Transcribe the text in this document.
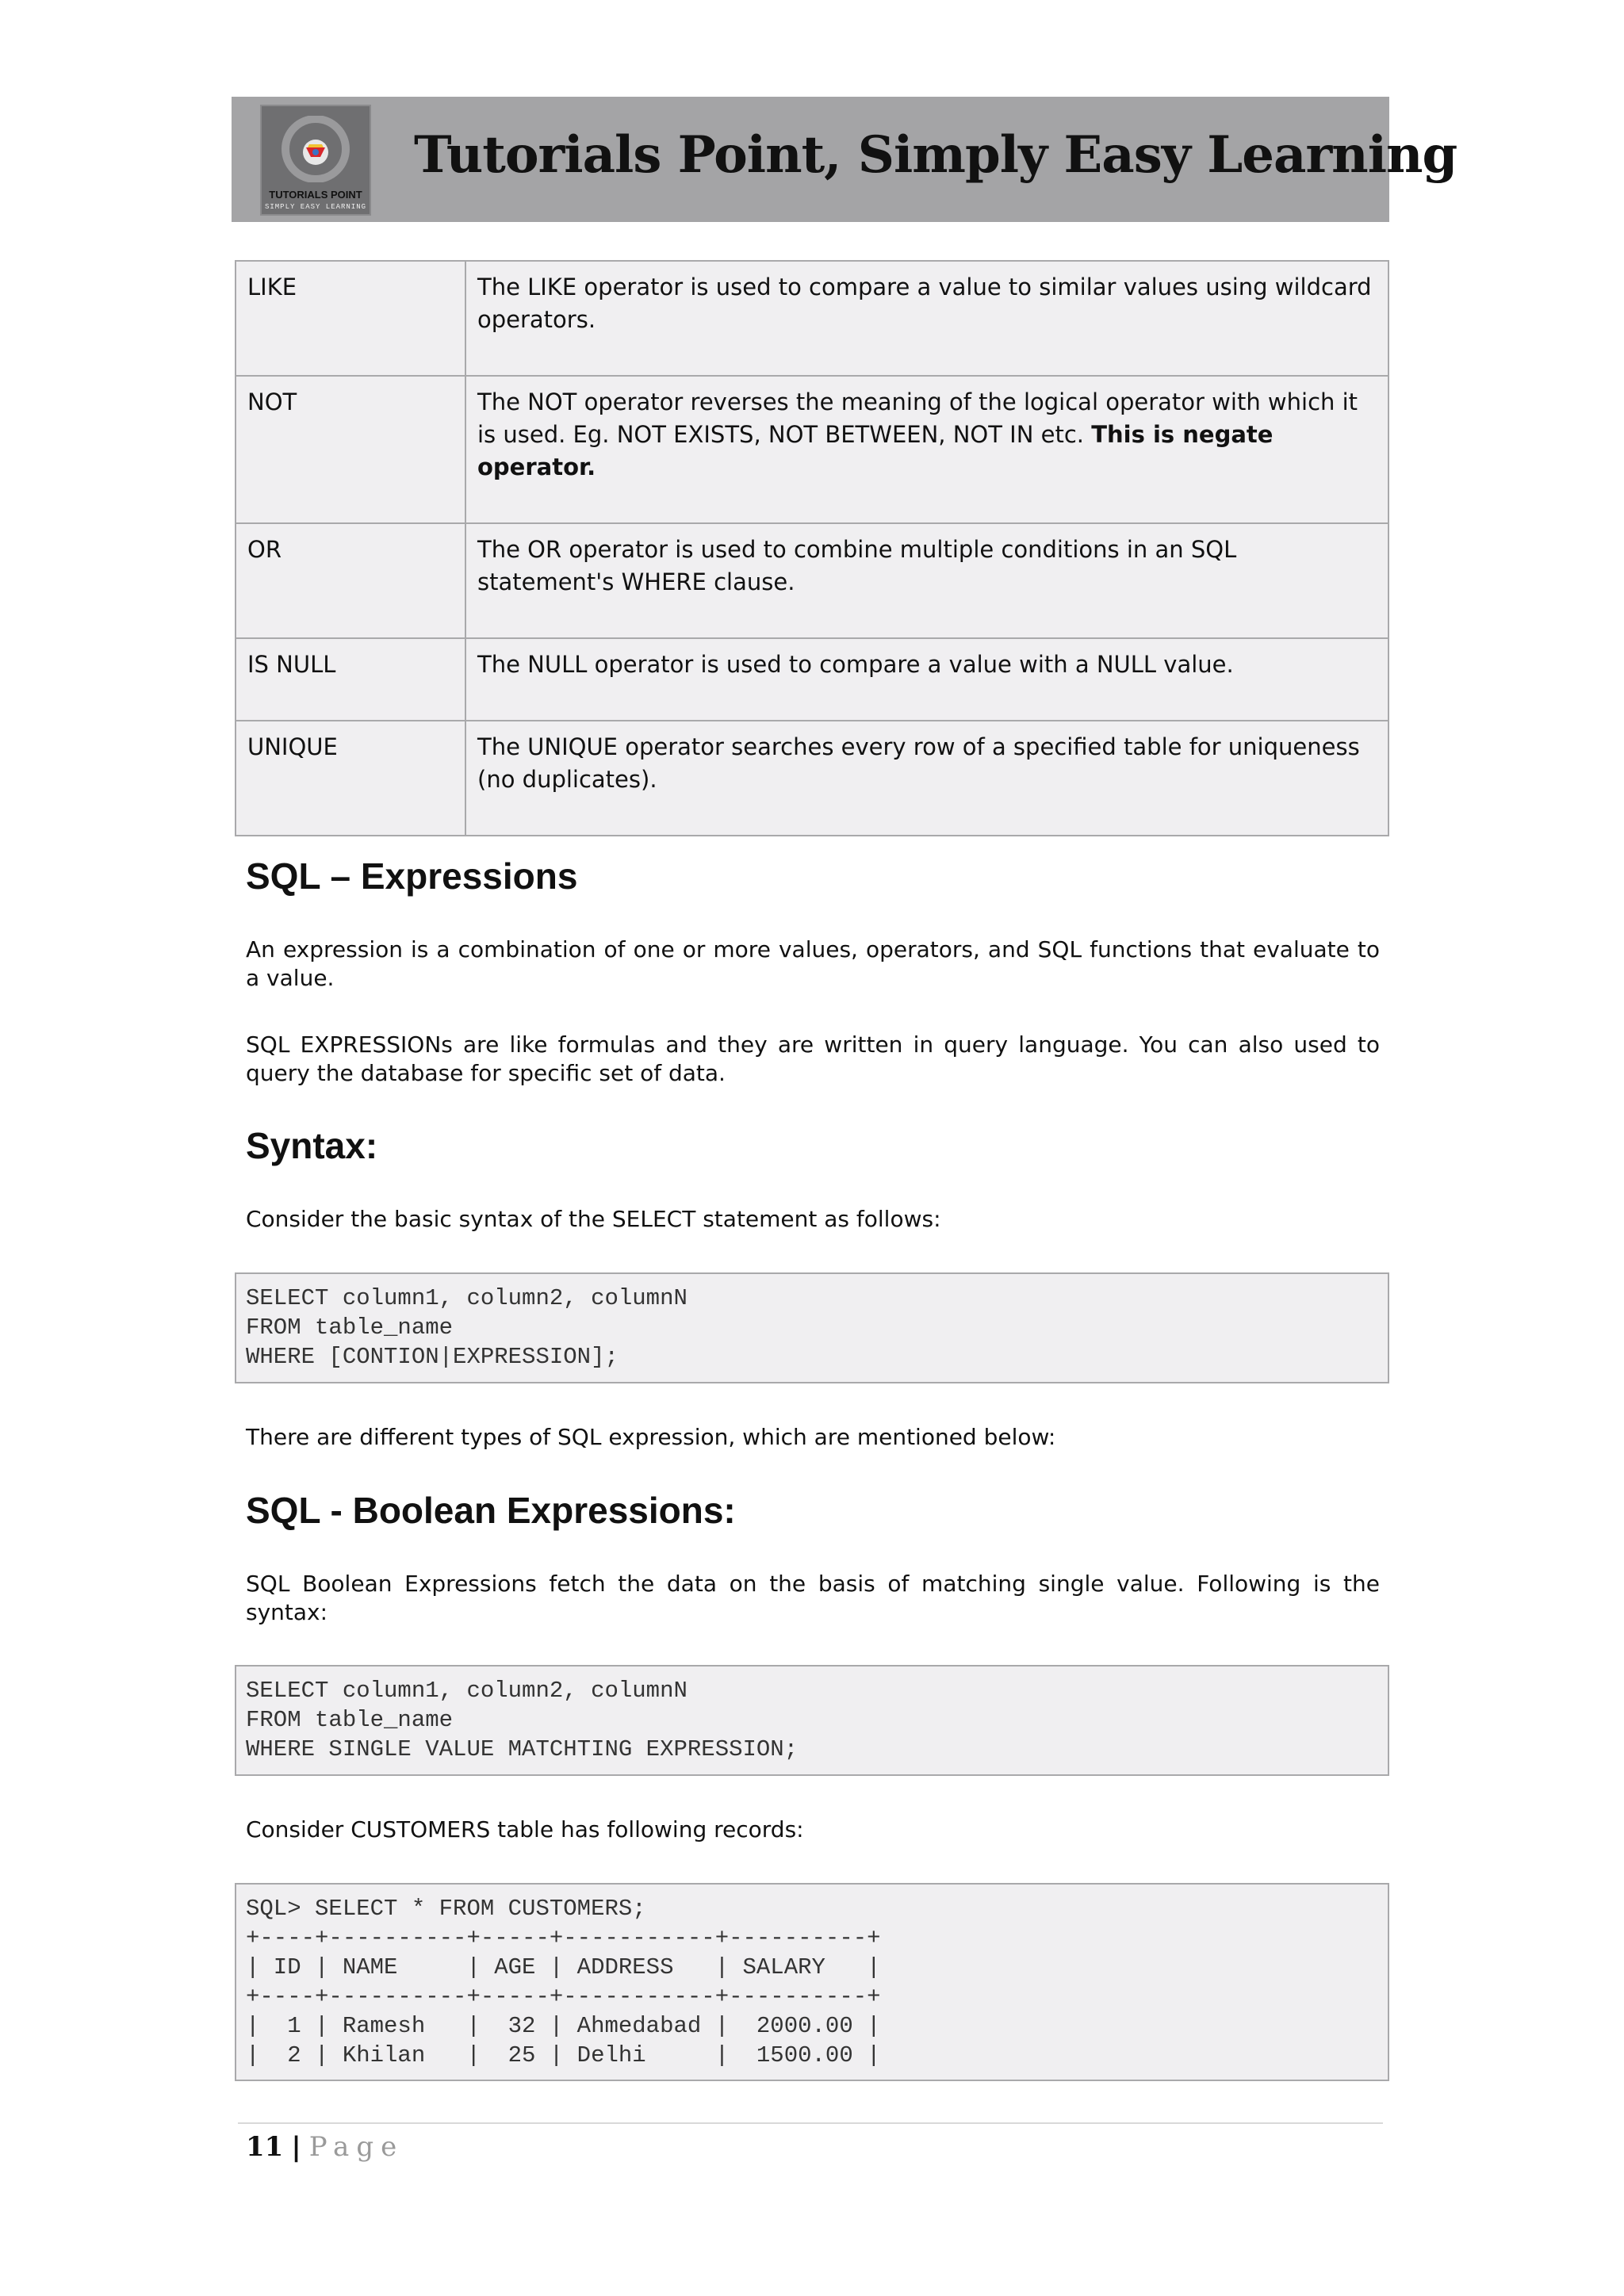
TUTORIALS POINT
SIMPLY EASY LEARNING
Tutorials Point, Simply Easy Learning
LIKE	The LIKE operator is used to compare a value to similar values using wildcard operators.
NOT	The NOT operator reverses the meaning of the logical operator with which it is used. Eg. NOT EXISTS, NOT BETWEEN, NOT IN etc. This is negate operator.
OR	The OR operator is used to combine multiple conditions in an SQL statement's WHERE clause.
IS NULL	The NULL operator is used to compare a value with a NULL value.
UNIQUE	The UNIQUE operator searches every row of a specified table for uniqueness (no duplicates).
SQL – Expressions

An expression is a combination of one or more values, operators, and SQL functions that evaluate to a value.

SQL EXPRESSIONs are like formulas and they are written in query language. You can also used to query the database for specific set of data.

Syntax:

Consider the basic syntax of the SELECT statement as follows:

SELECT column1, column2, columnN
FROM table_name
WHERE [CONTION|EXPRESSION];

There are different types of SQL expression, which are mentioned below:

SQL - Boolean Expressions:

SQL Boolean Expressions fetch the data on the basis of matching single value. Following is the syntax:

SELECT column1, column2, columnN
FROM table_name
WHERE SINGLE VALUE MATCHTING EXPRESSION;

Consider CUSTOMERS table has following records:

SQL> SELECT * FROM CUSTOMERS;
+----+----------+-----+-----------+----------+
| ID | NAME     | AGE | ADDRESS   | SALARY   |
+----+----------+-----+-----------+----------+
|  1 | Ramesh   |  32 | Ahmedabad |  2000.00 |
|  2 | Khilan   |  25 | Delhi     |  1500.00 |
11 | Page
